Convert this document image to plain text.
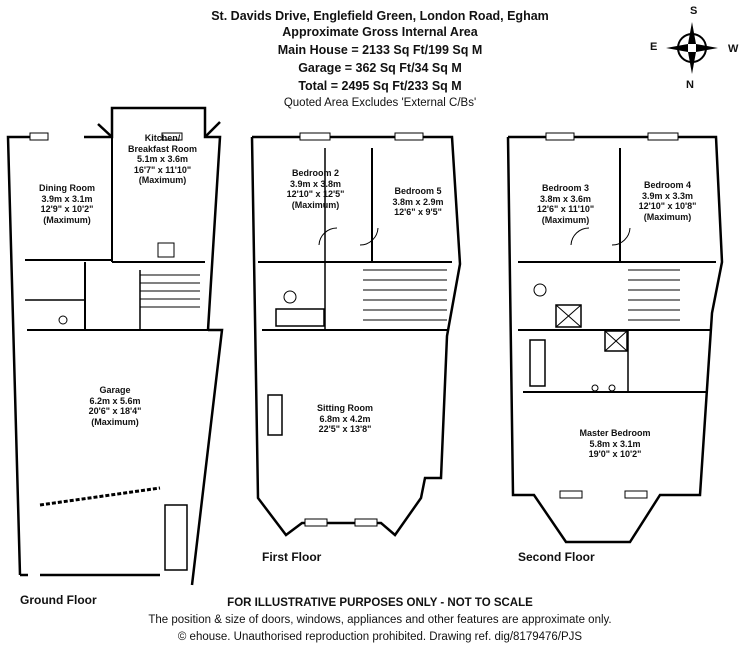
St. Davids Drive, Englefield Green, London Road, Egham
Approximate Gross Internal Area
Main House = 2133 Sq Ft/199 Sq M
Garage = 362 Sq Ft/34 Sq M
Total = 2495 Sq Ft/233 Sq M
Quoted Area Excludes 'External C/Bs'
S
N
E	W
Dining Room
3.9m x 3.1m
12'9" x 10'2"
(Maximum)
Kitchen/
Breakfast Room
5.1m x 3.6m
16'7" x 11'10"
(Maximum)
Garage
6.2m x 5.6m
20'6" x 18'4"
(Maximum)
Bedroom 2
3.9m x 3.8m
12'10" x 12'5"
(Maximum)
Bedroom 5
3.8m x 2.9m
12'6" x 9'5"
Sitting Room
6.8m x 4.2m
22'5" x 13'8"
Bedroom 3
3.8m x 3.6m
12'6" x 11'10"
(Maximum)
Bedroom 4
3.9m x 3.3m
12'10" x 10'8"
(Maximum)
Master Bedroom
5.8m x 3.1m
19'0" x 10'2"
Ground Floor
First Floor	Second Floor
FOR ILLUSTRATIVE PURPOSES ONLY - NOT TO SCALE
The position & size of doors, windows, appliances and other features are approximate only.
© ehouse. Unauthorised reproduction prohibited. Drawing ref. dig/8179476/PJS
